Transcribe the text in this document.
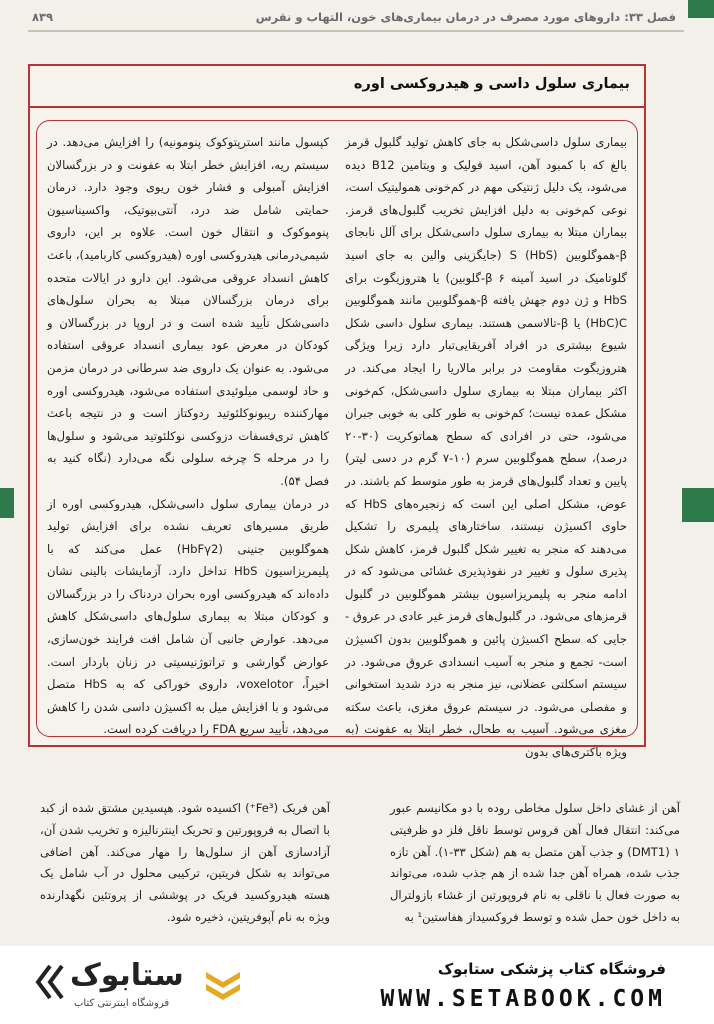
فصل ۳۳: داروهای مورد مصرف در درمان بیماری‌های خون، التهاب و نقرس
۸۳۹
بیماری سلول داسی و هیدروکسی اوره

بیماری سلول داسی‌شکل به جای کاهش تولید گلبول قرمز بالغ که با کمبود آهن، اسید فولیک و ویتامین B12 دیده می‌شود، یک دلیل ژنتیکی مهم در کم‌خونی همولیتیک است، نوعی کم‌خونی به دلیل افزایش تخریب گلبول‌های قرمز. بیماران مبتلا به بیماری سلول داسی‌شکل برای آلل نابجای β-هموگلوبین S (HbS) (جایگزینی والین به جای اسید گلوتامیک در اسید آمینه ۶ β-گلوبین) یا هتروزیگوت برای HbS و ژن دوم جهش یافته β-هموگلوبین مانند هموگلوبین HbC)C) یا β-تالاسمی هستند. بیماری سلول داسی شکل شیوع بیشتری در افراد آفریقایی‌تبار دارد زیرا ویژگی هتروزیگوت مقاومت در برابر مالاریا را ایجاد می‌کند. در اکثر بیماران مبتلا به بیماری سلول داسی‌شکل، کم‌خونی مشکل عمده نیست؛ کم‌خونی به طور کلی به خوبی جبران می‌شود، حتی در افرادی که سطح هماتوکریت (۳۰-۲۰ درصد)، سطح هموگلوبین سرم (۱۰-۷ گرم در دسی لیتر) پایین و تعداد گلبول‌های قرمز به طور متوسط کم باشند. در عوض، مشکل اصلی این است که زنجیره‌های HbS که حاوی اکسیژن نیستند، ساختارهای پلیمری را تشکیل می‌دهند که منجر به تغییر شکل گلبول قرمز، کاهش شکل پذیری سلول و تغییر در نفوذپذیری غشائی می‌شود که در ادامه منجر به پلیمریزاسیون بیشتر هموگلوبین در گلبول قرمزهای می‌شود. در گلبول‌های قرمز غیر عادی در عروق - جایی که سطح اکسیژن پائین و هموگلوبین بدون اکسیژن است- تجمع و منجر به آسیب انسدادی عروق می‌شود. در سیستم اسکلتی عضلانی، نیز منجر به درد شدید استخوانی و مفصلی می‌شود. در سیستم عروق مغزی، باعث سکته مغزی می‌شود. آسیب به طحال، خطر ابتلا به عفونت (به ویژه باکتری‌های بدون

کپسول مانند استرپتوکوک پنومونیه) را افزایش می‌دهد. در سیستم ریه، افزایش خطر ابتلا به عفونت و در بزرگسالان افزایش آمبولی و فشار خون ریوی وجود دارد. درمان حمایتی شامل ضد درد، آنتی‌بیوتیک، واکسیناسیون پنوموکوک و انتقال خون است. علاوه بر این، داروی شیمی‌درمانی هیدروکسی اوره (هیدروکسی کاربامید)، باعث کاهش انسداد عروقی می‌شود. این دارو در ایالات متحده برای درمان بزرگسالان مبتلا به بحران سلول‌های داسی‌شکل تأیید شده است و در اروپا در بزرگسالان و کودکان در معرض عود بیماری انسداد عروقی استفاده می‌شود. به عنوان یک داروی ضد سرطانی در درمان مزمن و حاد لوسمی میلوئیدی استفاده می‌شود، هیدروکسی اوره مهارکننده ریبونوکلئوتید ردوکتاز است و در نتیجه باعث کاهش تری‌فسفات دزوکسی نوکلئوتید می‌شود و سلول‌ها را در مرحله S چرخه سلولی نگه می‌دارد (نگاه کنید به فصل ۵۴).

در درمان بیماری سلول داسی‌شکل، هیدروکسی اوره از طریق مسیرهای تعریف نشده برای افزایش تولید هموگلوبین جنینی (HbFγ2) عمل می‌کند که با پلیمریزاسیون HbS تداخل دارد. آزمایشات بالینی نشان داده‌اند که هیدروکسی اوره بحران دردناک را در بزرگسالان و کودکان مبتلا به بیماری سلول‌های داسی‌شکل کاهش می‌دهد. عوارض جانبی آن شامل افت فرایند خون‌سازی، عوارض گوارشی و تراتوژنیسیتی در زنان باردار است. اخیراً، voxelotor، داروی خوراکی که به HbS متصل می‌شود و با افزایش میل به اکسیژن داسی شدن را کاهش می‌دهد، تأیید سریع FDA را دریافت کرده است.

آهن از غشای داخل سلول مخاطی روده با دو مکانیسم عبور می‌کند: انتقال فعال آهن فروس توسط ناقل فلز دو ظرفیتی ۱ (DMT1) و جذب آهن متصل به هم (شکل ۳۳-۱). آهن تازه جذب شده، همراه آهن جدا شده از هم جذب شده، می‌تواند به صورت فعال با ناقلی به نام فروپورتین از غشاء بازولترال به داخل خون حمل شده و توسط فروکسیداز هفاستین¹ به

آهن فریک (Fe³⁺) اکسیده شود. هپسیدین مشتق شده از کبد با اتصال به فروپورتین و تحریک اینترنالیزه و تخریب شدن آن، آزادسازی آهن از سلول‌ها را مهار می‌کند. آهن اضافی می‌تواند به شکل فریتین، ترکیبی محلول در آب شامل یک هسته هیدروکسید فریک در پوششی از پروتئین نگهدارنده ویژه به نام آپوفریتین، ذخیره شود.

ستابوک
فروشگاه اینترنتی کتاب
فروشگاه کتاب پزشکی ستابوک
WWW.SETABOOK.COM
